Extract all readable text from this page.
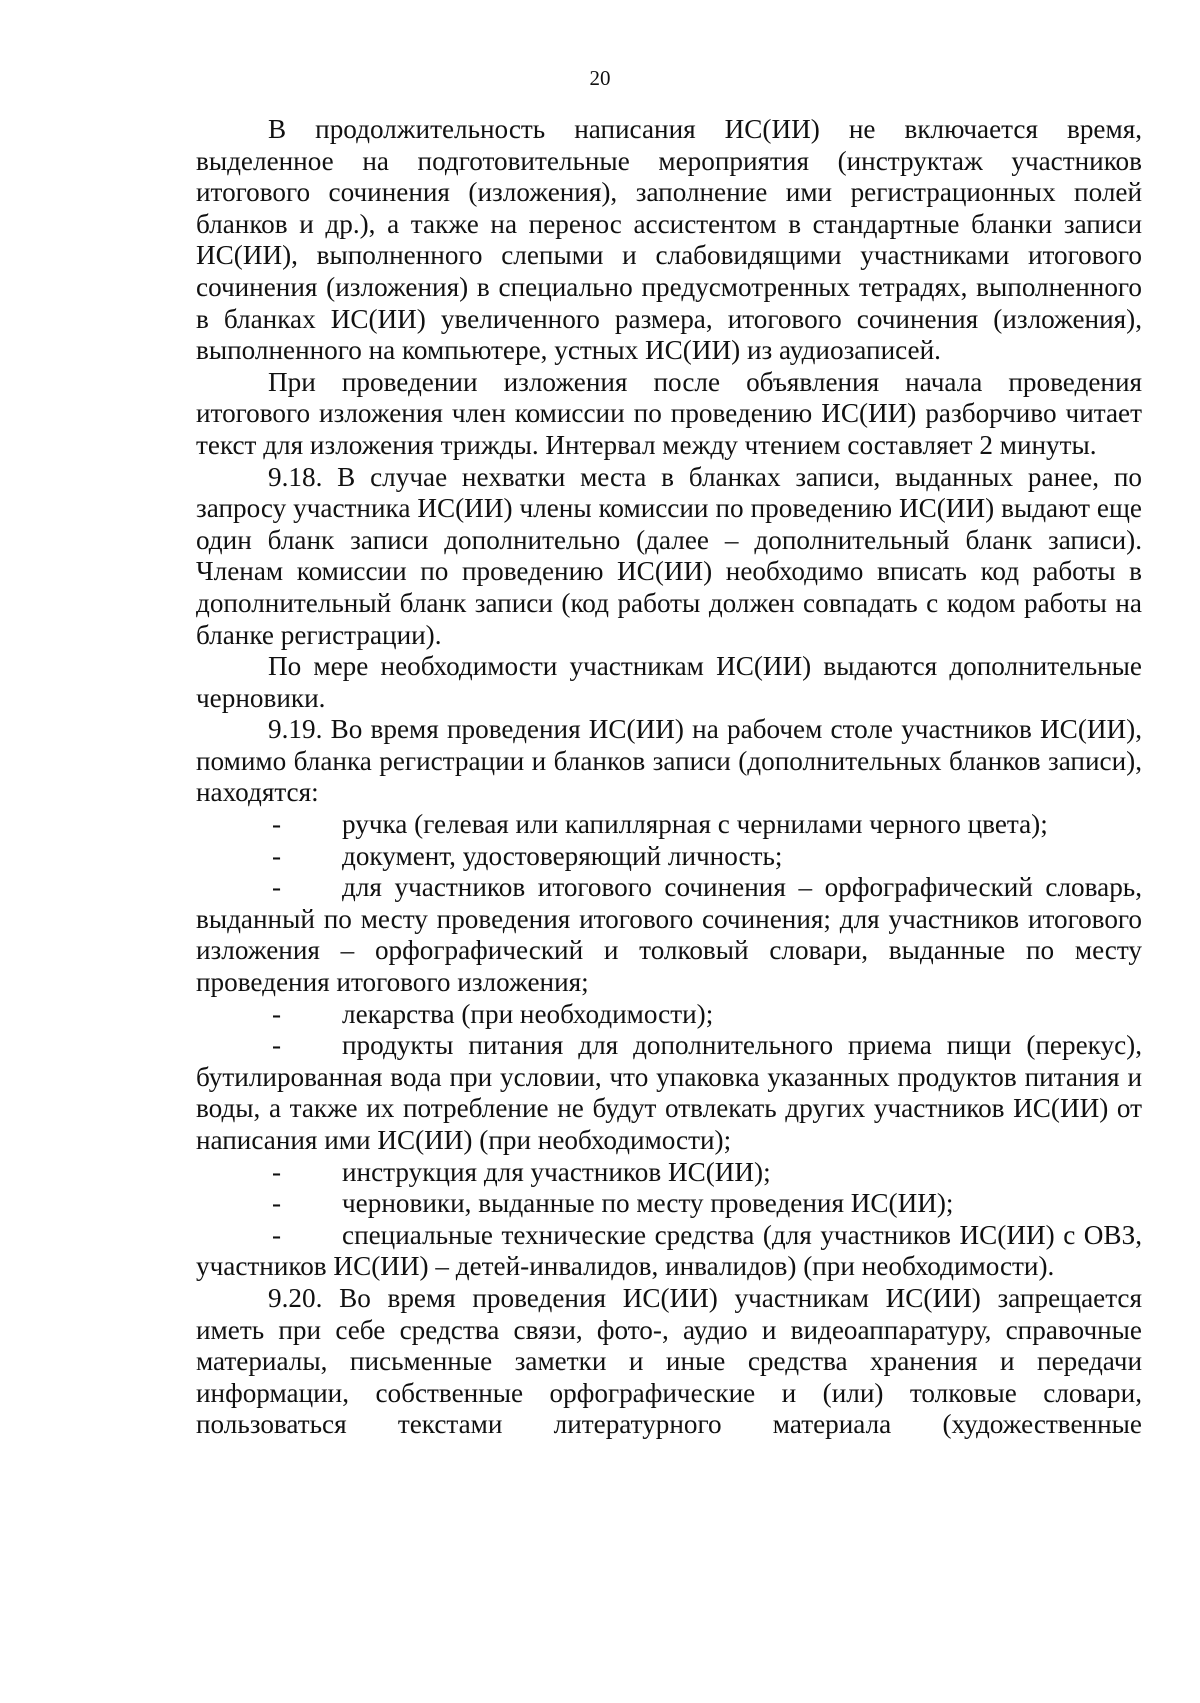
20

В продолжительность написания ИС(ИИ) не включается время, выделенное на подготовительные мероприятия (инструктаж участников итогового сочинения (изложения), заполнение ими регистрационных полей бланков и др.), а также на перенос ассистентом в стандартные бланки записи ИС(ИИ), выполненного слепыми и слабовидящими участниками итогового сочинения (изложения) в специально предусмотренных тетрадях, выполненного в бланках ИС(ИИ) увеличенного размера, итогового сочинения (изложения), выполненного на компьютере, устных ИС(ИИ) из аудиозаписей.

При проведении изложения после объявления начала проведения итогового изложения член комиссии по проведению ИС(ИИ) разборчиво читает текст для изложения трижды. Интервал между чтением составляет 2 минуты.

9.18. В случае нехватки места в бланках записи, выданных ранее, по запросу участника ИС(ИИ) члены комиссии по проведению ИС(ИИ) выдают еще один бланк записи дополнительно (далее – дополнительный бланк записи). Членам комиссии по проведению ИС(ИИ) необходимо вписать код работы в дополнительный бланк записи (код работы должен совпадать с кодом работы на бланке регистрации).

По мере необходимости участникам ИС(ИИ) выдаются дополнительные черновики.

9.19. Во время проведения ИС(ИИ) на рабочем столе участников ИС(ИИ), помимо бланка регистрации и бланков записи (дополнительных бланков записи), находятся:

- ручка (гелевая или капиллярная с чернилами черного цвета);
- документ, удостоверяющий личность;
- для участников итогового сочинения – орфографический словарь, выданный по месту проведения итогового сочинения; для участников итогового изложения – орфографический и толковый словари, выданные по месту проведения итогового изложения;
- лекарства (при необходимости);
- продукты питания для дополнительного приема пищи (перекус), бутилированная вода при условии, что упаковка указанных продуктов питания и воды, а также их потребление не будут отвлекать других участников ИС(ИИ) от написания ими ИС(ИИ) (при необходимости);
- инструкция для участников ИС(ИИ);
- черновики, выданные по месту проведения ИС(ИИ);
- специальные технические средства (для участников ИС(ИИ) с ОВЗ, участников ИС(ИИ) – детей-инвалидов, инвалидов) (при необходимости).

9.20. Во время проведения ИС(ИИ) участникам ИС(ИИ) запрещается иметь при себе средства связи, фото-, аудио и видеоаппаратуру, справочные материалы, письменные заметки и иные средства хранения и передачи информации, собственные орфографические и (или) толковые словари, пользоваться текстами литературного материала (художественные
